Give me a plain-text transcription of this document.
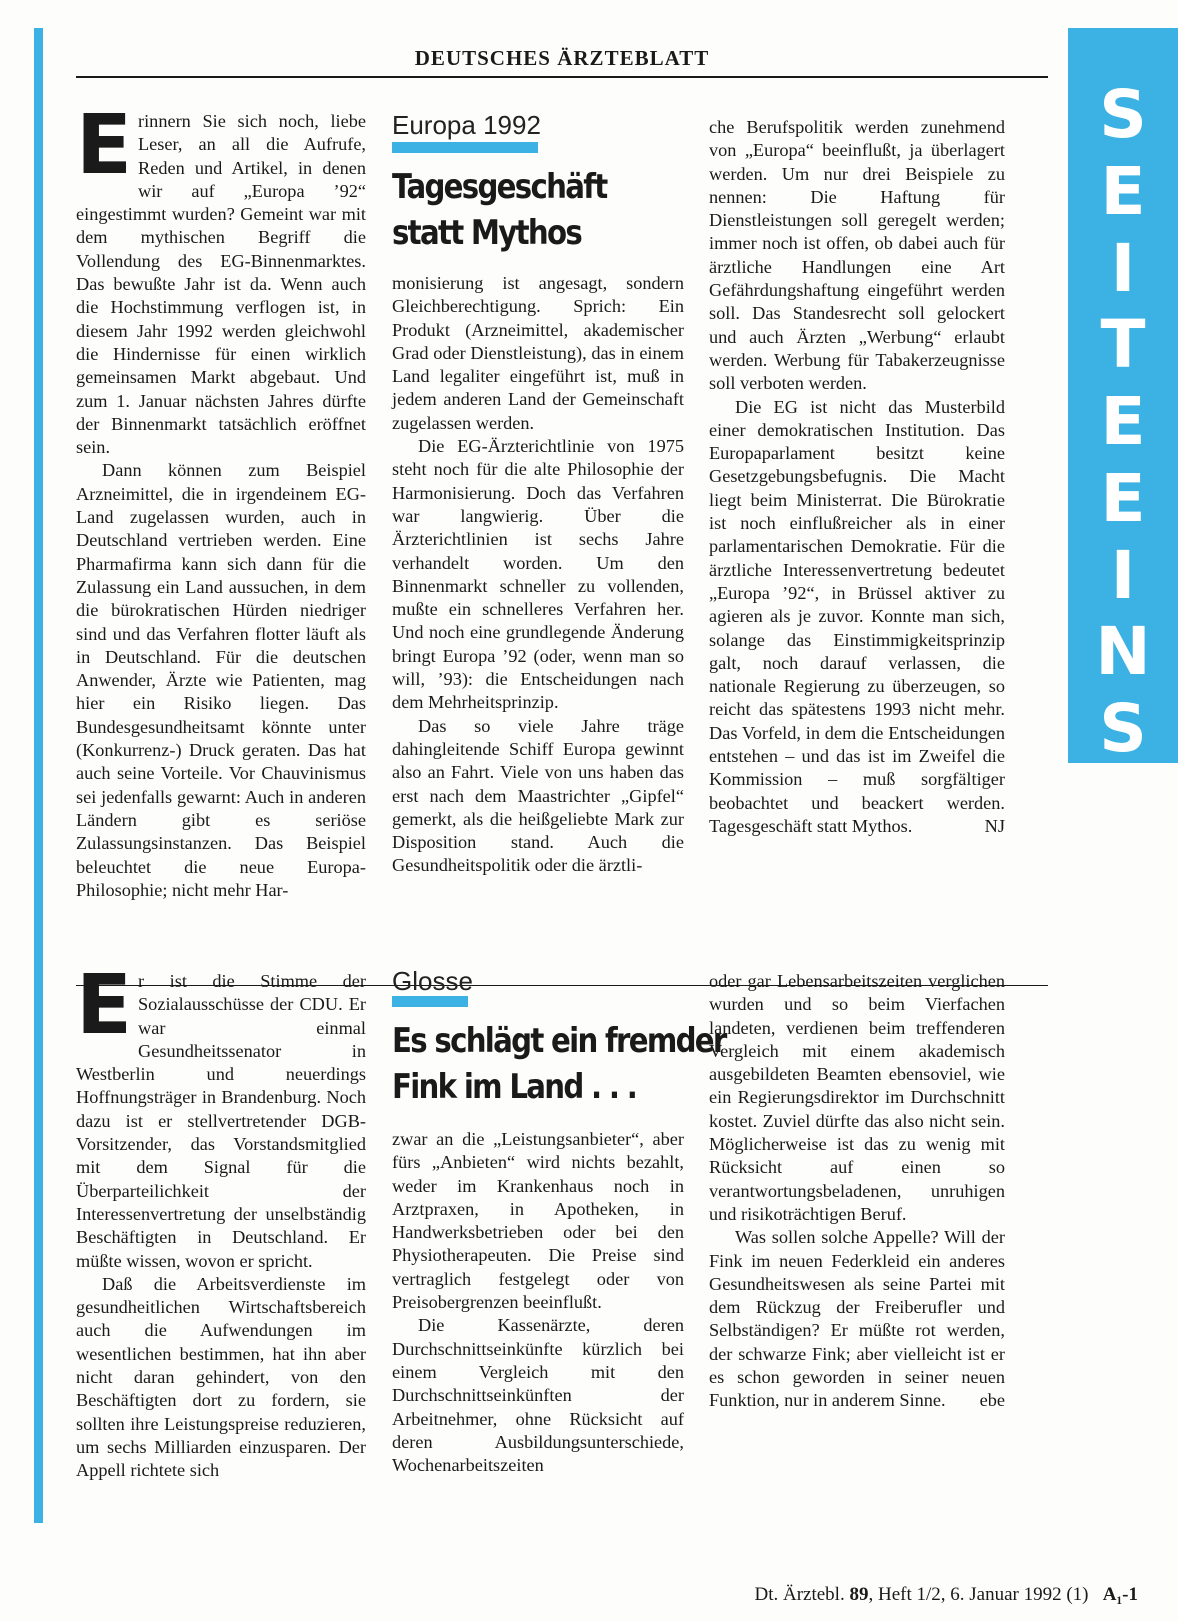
S
E
I
T
E
E
I
N
S
DEUTSCHES ÄRZTEBLATT

Erinnern Sie sich noch, liebe Leser, an all die Aufrufe, Reden und Artikel, in denen wir auf „Europa ’92“ eingestimmt wurden? Gemeint war mit dem mythischen Begriff die Vollendung des EG-Binnenmarktes. Das bewußte Jahr ist da. Wenn auch die Hochstimmung verflogen ist, in diesem Jahr 1992 werden gleichwohl die Hindernisse für einen wirklich gemeinsamen Markt abgebaut. Und zum 1. Januar nächsten Jahres dürfte der Binnenmarkt tatsächlich eröffnet sein.

Dann können zum Beispiel Arzneimittel, die in irgendeinem EG-Land zugelassen wurden, auch in Deutschland vertrieben werden. Eine Pharmafirma kann sich dann für die Zulassung ein Land aussuchen, in dem die bürokratischen Hürden niedriger sind und das Verfahren flotter läuft als in Deutschland. Für die deutschen Anwender, Ärzte wie Patienten, mag hier ein Risiko liegen. Das Bundesgesundheitsamt könnte unter (Konkurrenz-) Druck geraten. Das hat auch seine Vorteile. Vor Chauvinismus sei jedenfalls gewarnt: Auch in anderen Ländern gibt es seriöse Zulassungsinstanzen. Das Beispiel beleuchtet die neue Europa-Philosophie; nicht mehr Har-

Europa 1992
Tagesgeschäft
statt Mythos

monisierung ist angesagt, sondern Gleichberechtigung. Sprich: Ein Produkt (Arzneimittel, akademischer Grad oder Dienstleistung), das in einem Land legaliter eingeführt ist, muß in jedem anderen Land der Gemeinschaft zugelassen werden.

Die EG-Ärzterichtlinie von 1975 steht noch für die alte Philosophie der Harmonisierung. Doch das Verfahren war langwierig. Über die Ärzterichtlinien ist sechs Jahre verhandelt worden. Um den Binnenmarkt schneller zu vollenden, mußte ein schnelleres Verfahren her. Und noch eine grundlegende Änderung bringt Europa ’92 (oder, wenn man so will, ’93): die Entscheidungen nach dem Mehrheitsprinzip.

Das so viele Jahre träge dahingleitende Schiff Europa gewinnt also an Fahrt. Viele von uns haben das erst nach dem Maastrichter „Gipfel“ gemerkt, als die heißgeliebte Mark zur Disposition stand. Auch die Gesundheitspolitik oder die ärztli-

che Berufspolitik werden zunehmend von „Europa“ beeinflußt, ja überlagert werden. Um nur drei Beispiele zu nennen: Die Haftung für Dienstleistungen soll geregelt werden; immer noch ist offen, ob dabei auch für ärztliche Handlungen eine Art Gefährdungshaftung eingeführt werden soll. Das Standesrecht soll gelockert und auch Ärzten „Werbung“ erlaubt werden. Werbung für Tabakerzeugnisse soll verboten werden.

Die EG ist nicht das Musterbild einer demokratischen Institution. Das Europaparlament besitzt keine Gesetzgebungsbefugnis. Die Macht liegt beim Ministerrat. Die Bürokratie ist noch einflußreicher als in einer parlamentarischen Demokratie. Für die ärztliche Interessenvertretung bedeutet „Europa ’92“, in Brüssel aktiver zu agieren als je zuvor. Konnte man sich, solange das Einstimmigkeitsprinzip galt, noch darauf verlassen, die nationale Regierung zu überzeugen, so reicht das spätestens 1993 nicht mehr. Das Vorfeld, in dem die Entscheidungen entstehen – und das ist im Zweifel die Kommission – muß sorgfältiger beobachtet und beackert werden. Tagesgeschäft statt Mythos.	NJ

Er ist die Stimme der Sozialausschüsse der CDU. Er war einmal Gesundheitssenator in Westberlin und neuerdings Hoffnungsträger in Brandenburg. Noch dazu ist er stellvertretender DGB-Vorsitzender, das Vorstandsmitglied mit dem Signal für die Überparteilichkeit der Interessenvertretung der unselbständig Beschäftigten in Deutschland. Er müßte wissen, wovon er spricht.

Daß die Arbeitsverdienste im gesundheitlichen Wirtschaftsbereich auch die Aufwendungen im wesentlichen bestimmen, hat ihn aber nicht daran gehindert, von den Beschäftigten dort zu fordern, sie sollten ihre Leistungspreise reduzieren, um sechs Milliarden einzusparen. Der Appell richtete sich

Glosse
Es schlägt ein fremder
Fink im Land . . .

zwar an die „Leistungsanbieter“, aber fürs „Anbieten“ wird nichts bezahlt, weder im Krankenhaus noch in Arztpraxen, in Apotheken, in Handwerksbetrieben oder bei den Physiotherapeuten. Die Preise sind vertraglich festgelegt oder von Preisobergrenzen beeinflußt.

Die Kassenärzte, deren Durchschnittseinkünfte kürzlich bei einem Vergleich mit den Durchschnittseinkünften der Arbeitnehmer, ohne Rücksicht auf deren Ausbildungsunterschiede, Wochenarbeitszeiten

oder gar Lebensarbeitszeiten verglichen wurden und so beim Vierfachen landeten, verdienen beim treffenderen Vergleich mit einem akademisch ausgebildeten Beamten ebensoviel, wie ein Regierungsdirektor im Durchschnitt kostet. Zuviel dürfte das also nicht sein. Möglicherweise ist das zu wenig mit Rücksicht auf einen so verantwortungsbeladenen, unruhigen und risikoträchtigen Beruf.

Was sollen solche Appelle? Will der Fink im neuen Federkleid ein anderes Gesundheitswesen als seine Partei mit dem Rückzug der Freiberufler und Selbständigen? Er müßte rot werden, der schwarze Fink; aber vielleicht ist er es schon geworden in seiner neuen Funktion, nur in anderem Sinne.	ebe

Dt. Ärztebl. 89, Heft 1/2, 6. Januar 1992 (1) A₁-1
